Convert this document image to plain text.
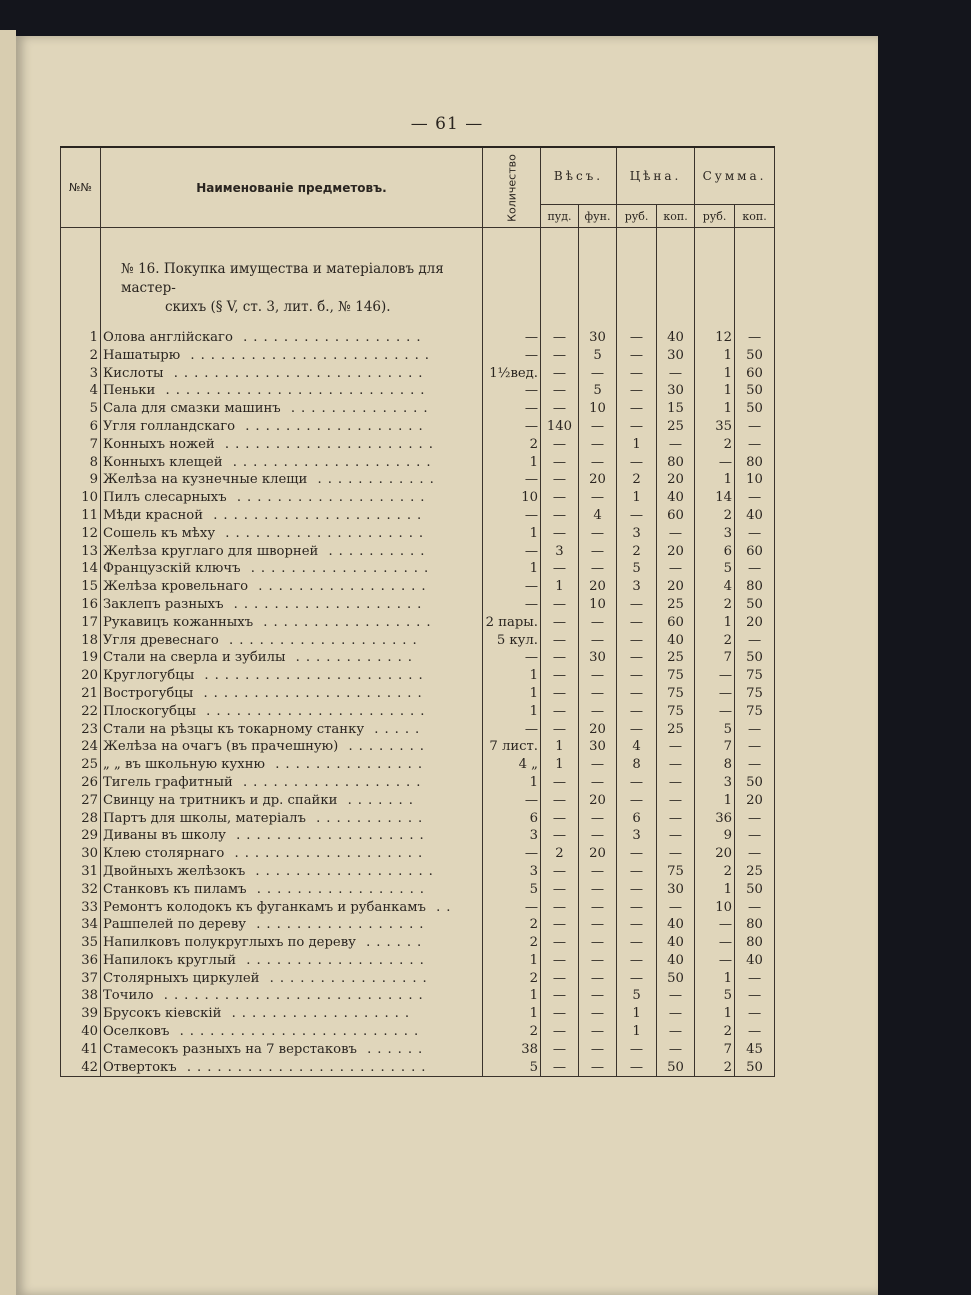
— 61 —
№№	Наименованіе предметовъ.	Количество	Вѣсъ.		Цѣна.		Сумма.	
			пуд.	фун.	руб.	коп.	руб.	коп.
	№ 16. Покупка имущества и матеріаловъ для мастер-
скихъ (§ V, ст. 3, лит. б., № 146).							

1	Олова англійскаго ..................	—	—	30	—	40	12	—
2	Нашатырю ........................	—	—	5	—	30	1	50
3	Кислоты .........................	1½вед.	—	—	—	—	1	60
4	Пеньки ..........................	—	—	5	—	30	1	50
5	Сала для смазки машинъ ..............	—	—	10	—	15	1	50
6	Угля голландскаго ..................	—	140	—	—	25	35	—
7	Конныхъ ножей .....................	2	—	—	1	—	2	—
8	Конныхъ клещей ....................	1	—	—	—	80	—	80
9	Желѣза на кузнечные клещи ............	—	—	20	2	20	1	10
10	Пилъ слесарныхъ ...................	10	—	—	1	40	14	—
11	Мѣди красной .....................	—	—	4	—	60	2	40
12	Сошель къ мѣху ....................	1	—	—	3	—	3	—
13	Желѣза круглаго для шворней ..........	—	3	—	2	20	6	60
14	Французскій ключъ ..................	1	—	—	5	—	5	—
15	Желѣза кровельнаго .................	—	1	20	3	20	4	80
16	Заклепъ разныхъ ...................	—	—	10	—	25	2	50
17	Рукавицъ кожанныхъ .................	2 пары.	—	—	—	60	1	20
18	Угля древеснаго ...................	5 кул.	—	—	—	40	2	—
19	Стали на сверла и зубилы ............	—	—	30	—	25	7	50
20	Круглогубцы ......................	1	—	—	—	75	—	75
21	Вострогубцы ......................	1	—	—	—	75	—	75
22	Плоскогубцы ......................	1	—	—	—	75	—	75
23	Стали на рѣзцы къ токарному станку .....	—	—	20	—	25	5	—
24	Желѣза на очагъ (въ прачешную) ........	7 лист.	1	30	4	—	7	—
25	„ „ въ школьную кухню ...............	4 „	1	—	8	—	8	—
26	Тигель графитный ..................	1	—	—	—	—	3	50
27	Свинцу на тритникъ и др. спайки .......	—	—	20	—	—	1	20
28	Партъ для школы, матеріалъ ...........	6	—	—	6	—	36	—
29	Диваны въ школу ...................	3	—	—	3	—	9	—
30	Клею столярнаго ...................	—	2	20	—	—	20	—
31	Двойныхъ желѣзокъ ..................	3	—	—	—	75	2	25
32	Станковъ къ пиламъ .................	5	—	—	—	30	1	50
33	Ремонтъ колодокъ къ фуганкамъ и рубанкамъ ..	—	—	—	—	—	10	—
34	Рашпелей по дереву .................	2	—	—	—	40	—	80
35	Напилковъ полукруглыхъ по дереву ......	2	—	—	—	40	—	80
36	Напилокъ круглый ..................	1	—	—	—	40	—	40
37	Столярныхъ циркулей ................	2	—	—	—	50	1	—
38	Точило ..........................	1	—	—	5	—	5	—
39	Брусокъ кіевскій ..................	1	—	—	1	—	1	—
40	Оселковъ ........................	2	—	—	1	—	2	—
41	Стамесокъ разныхъ на 7 верстаковъ ......	38	—	—	—	—	7	45
42	Отвертокъ ........................	5	—	—	—	50	2	50
